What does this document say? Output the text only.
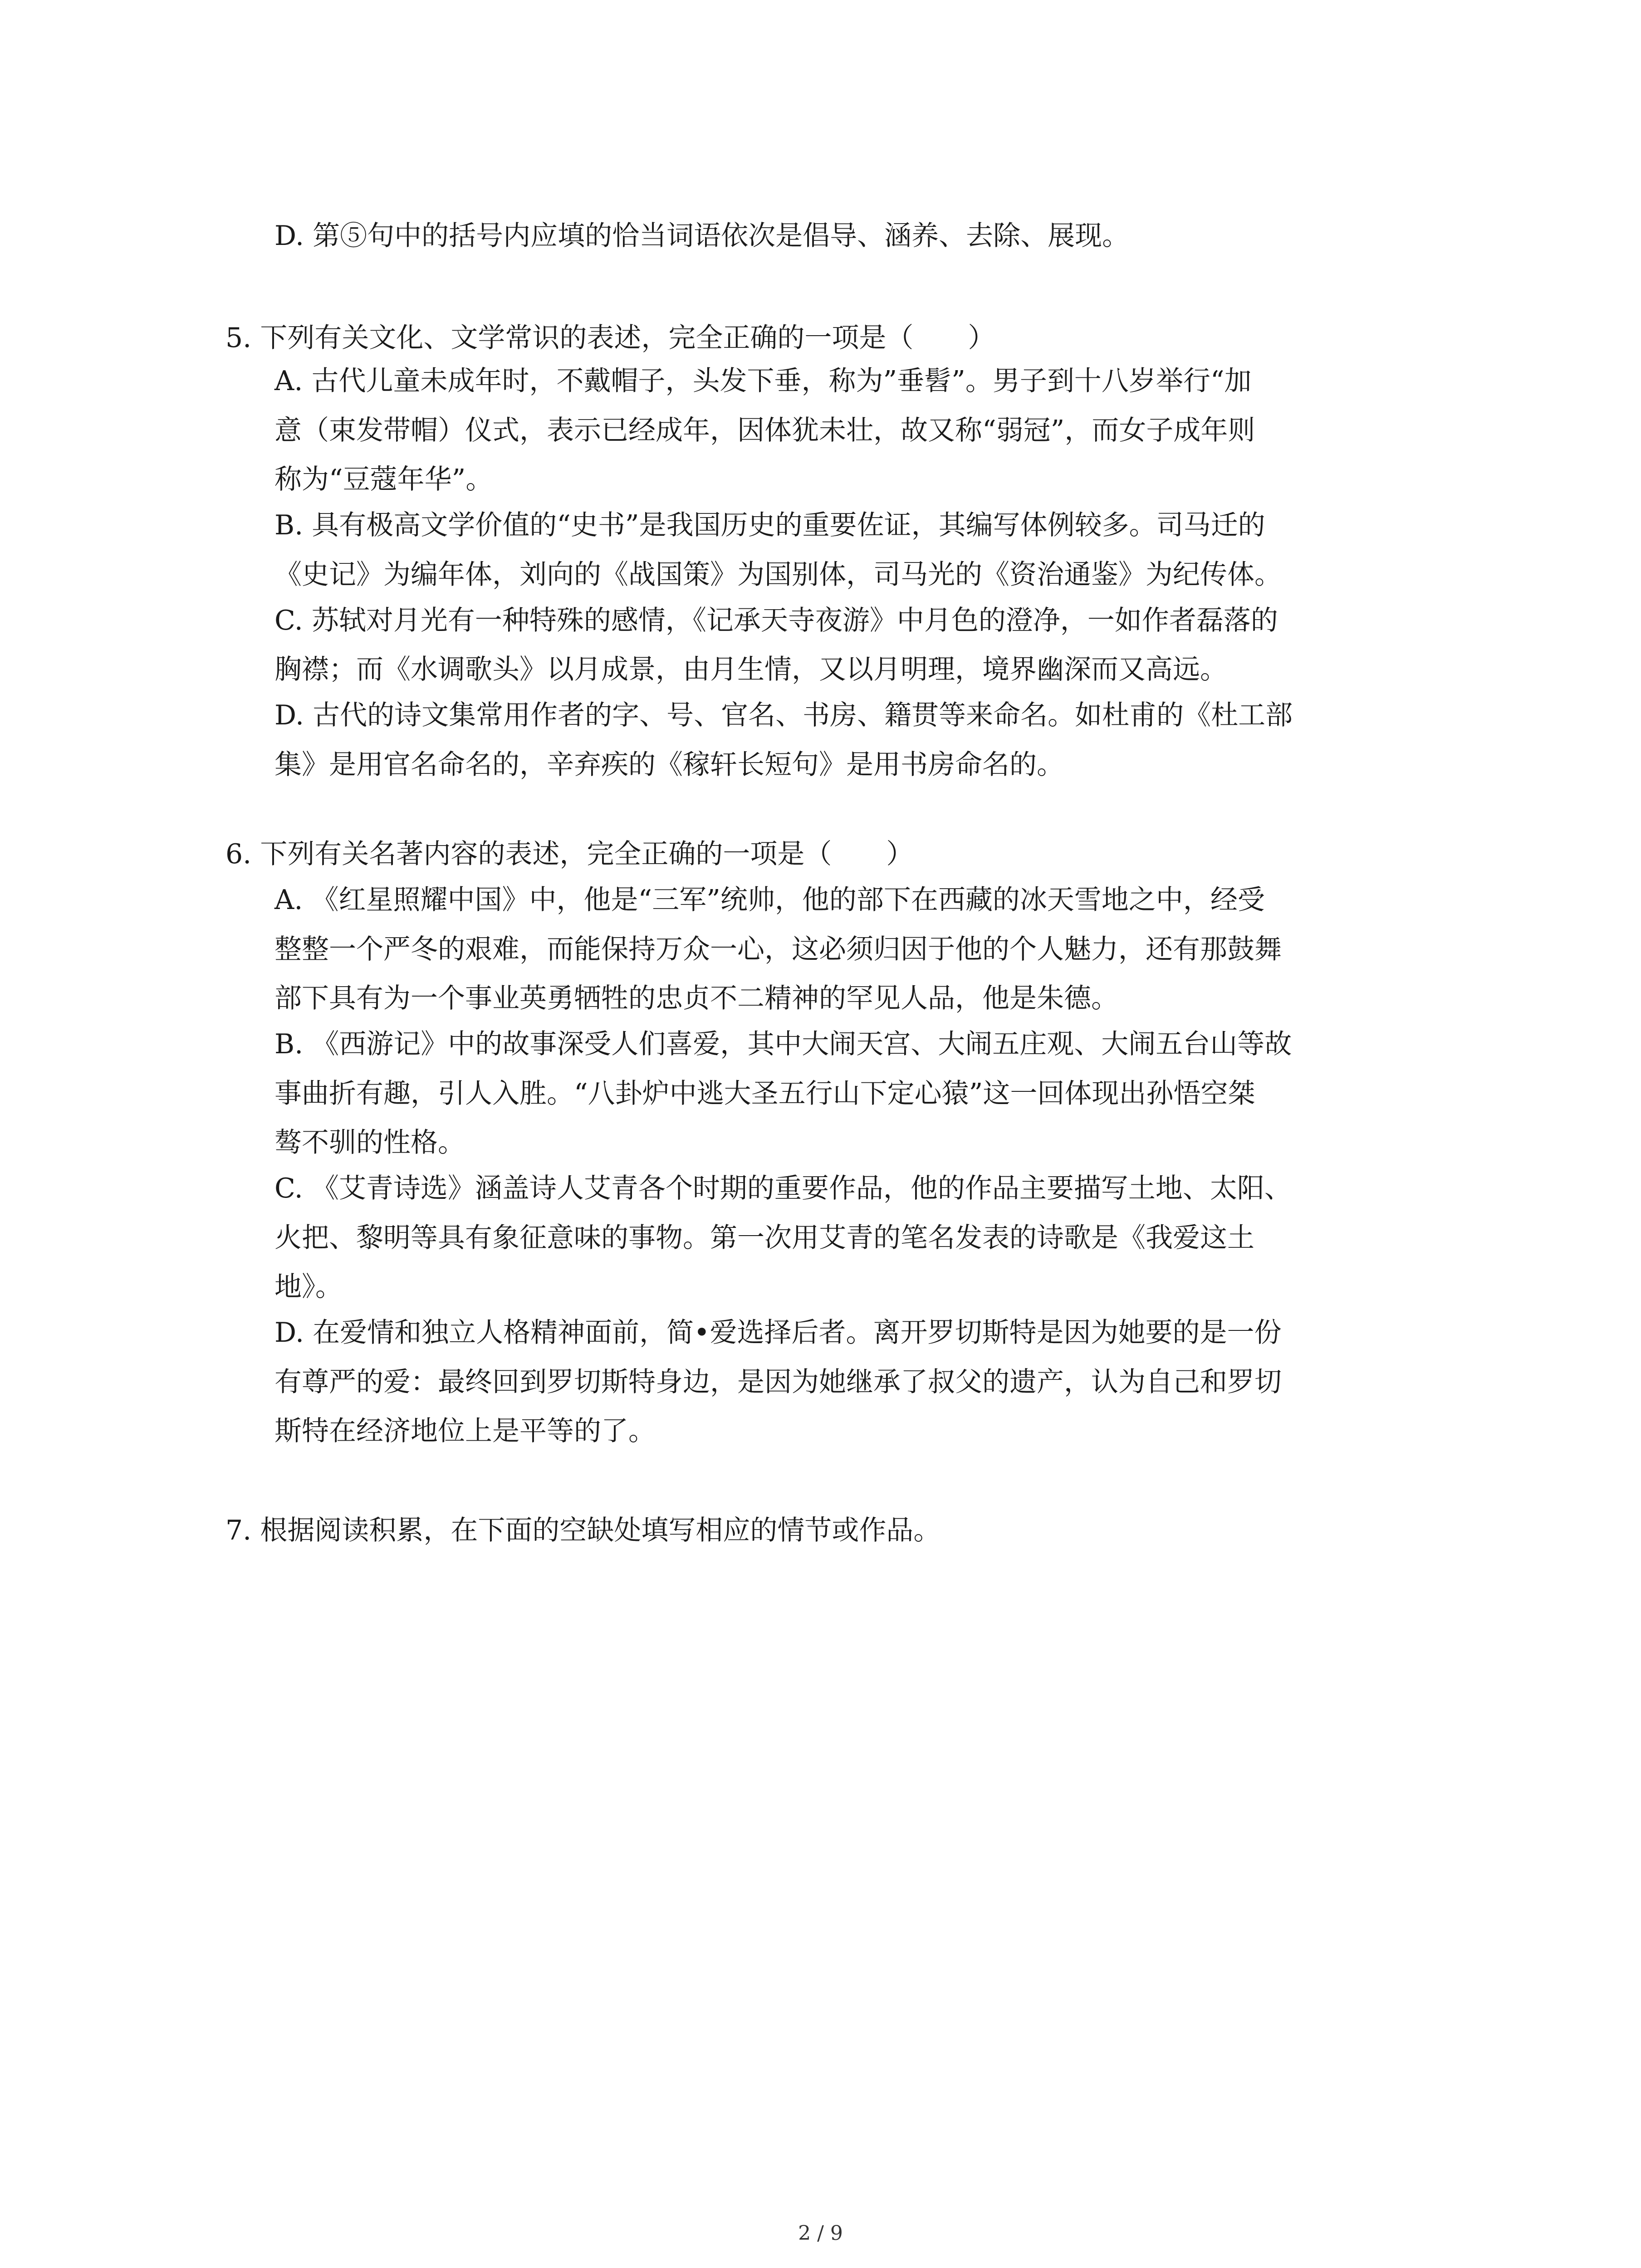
D. 第⑤句中的括号内应填的恰当词语依次是倡导、涵养、去除、展现。
5. 下列有关文化、文学常识的表述，完全正确的一项是（　　）
A. 古代儿童未成年时，不戴帽子，头发下垂，称为”垂髫”。男子到十八岁举行“加
意（束发带帽）仪式，表示已经成年，因体犹未壮，故又称“弱冠”，而女子成年则
称为“豆蔻年华”。
B. 具有极高文学价值的“史书”是我国历史的重要佐证，其编写体例较多。司马迁的
《史记》为编年体，刘向的《战国策》为国别体，司马光的《资治通鉴》为纪传体。
C. 苏轼对月光有一种特殊的感情，《记承天寺夜游》中月色的澄净，一如作者磊落的
胸襟；而《水调歌头》以月成景，由月生情，又以月明理，境界幽深而又高远。
D. 古代的诗文集常用作者的字、号、官名、书房、籍贯等来命名。如杜甫的《杜工部
集》是用官名命名的，辛弃疾的《稼轩长短句》是用书房命名的。
6. 下列有关名著内容的表述，完全正确的一项是（　　）
A. 《红星照耀中国》中，他是“三军”统帅，他的部下在西藏的冰天雪地之中，经受
整整一个严冬的艰难，而能保持万众一心，这必须归因于他的个人魅力，还有那鼓舞
部下具有为一个事业英勇牺牲的忠贞不二精神的罕见人品，他是朱德。
B. 《西游记》中的故事深受人们喜爱，其中大闹天宫、大闹五庄观、大闹五台山等故
事曲折有趣，引人入胜。“八卦炉中逃大圣五行山下定心猿”这一回体现出孙悟空桀
骜不驯的性格。
C. 《艾青诗选》涵盖诗人艾青各个时期的重要作品，他的作品主要描写土地、太阳、
火把、黎明等具有象征意味的事物。第一次用艾青的笔名发表的诗歌是《我爱这土
地》。
D. 在爱情和独立人格精神面前，简•爱选择后者。离开罗切斯特是因为她要的是一份
有尊严的爱：最终回到罗切斯特身边，是因为她继承了叔父的遗产，认为自己和罗切
斯特在经济地位上是平等的了。
7. 根据阅读积累，在下面的空缺处填写相应的情节或作品。
2 / 9
